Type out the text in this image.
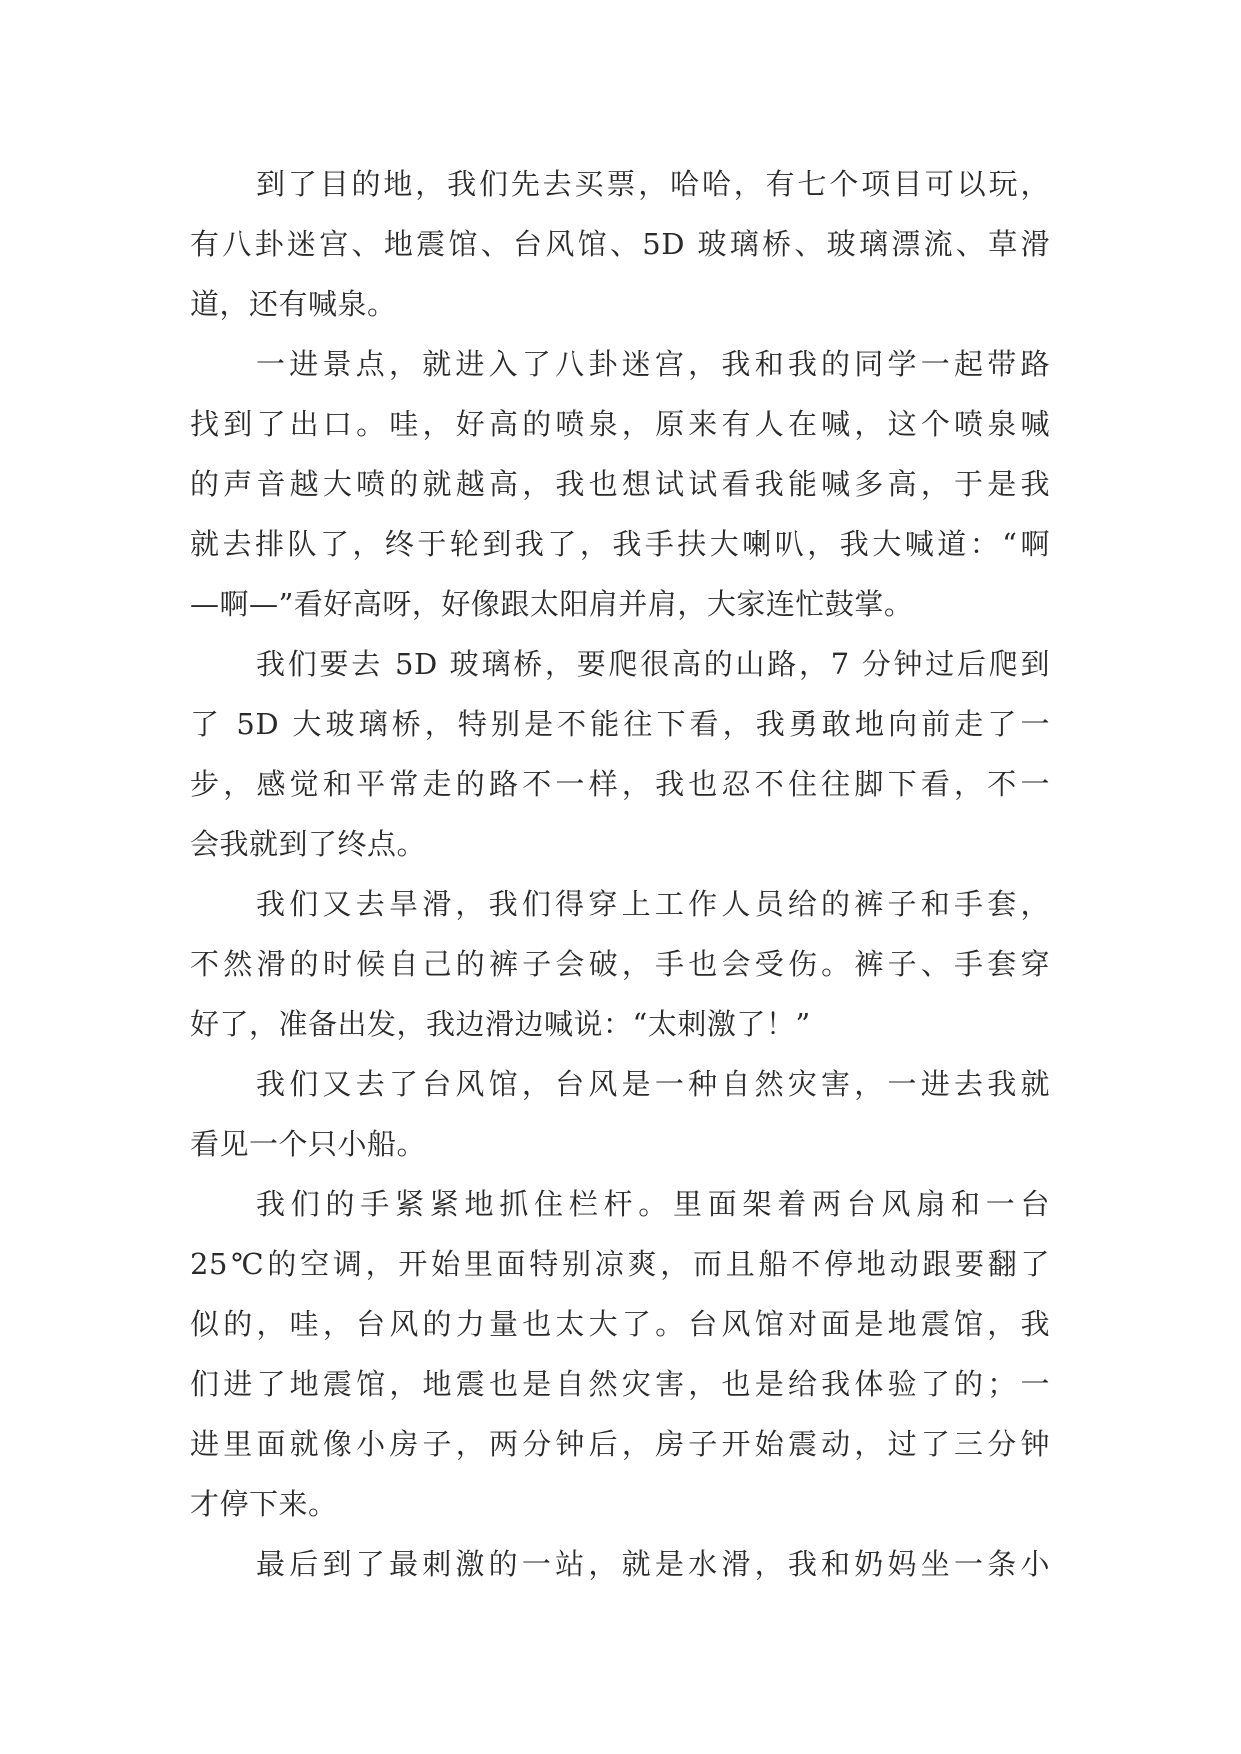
到了目的地，我们先去买票，哈哈，有七个项目可以玩，
有八卦迷宫、地震馆、台风馆、5D 玻璃桥、玻璃漂流、草滑
道，还有喊泉。
一进景点，就进入了八卦迷宫，我和我的同学一起带路
找到了出口。哇，好高的喷泉，原来有人在喊，这个喷泉喊
的声音越大喷的就越高，我也想试试看我能喊多高，于是我
就去排队了，终于轮到我了，我手扶大喇叭，我大喊道：“啊
—啊—”看好高呀，好像跟太阳肩并肩，大家连忙鼓掌。
我们要去 5D 玻璃桥，要爬很高的山路，7 分钟过后爬到
了 5D 大玻璃桥，特别是不能往下看，我勇敢地向前走了一
步，感觉和平常走的路不一样，我也忍不住往脚下看，不一
会我就到了终点。
我们又去旱滑，我们得穿上工作人员给的裤子和手套，
不然滑的时候自己的裤子会破，手也会受伤。裤子、手套穿
好了，准备出发，我边滑边喊说：“太刺激了！”
我们又去了台风馆，台风是一种自然灾害，一进去我就
看见一个只小船。
我们的手紧紧地抓住栏杆。里面架着两台风扇和一台
25℃的空调，开始里面特别凉爽，而且船不停地动跟要翻了
似的，哇，台风的力量也太大了。台风馆对面是地震馆，我
们进了地震馆，地震也是自然灾害，也是给我体验了的；一
进里面就像小房子，两分钟后，房子开始震动，过了三分钟
才停下来。
最后到了最刺激的一站，就是水滑，我和奶妈坐一条小
